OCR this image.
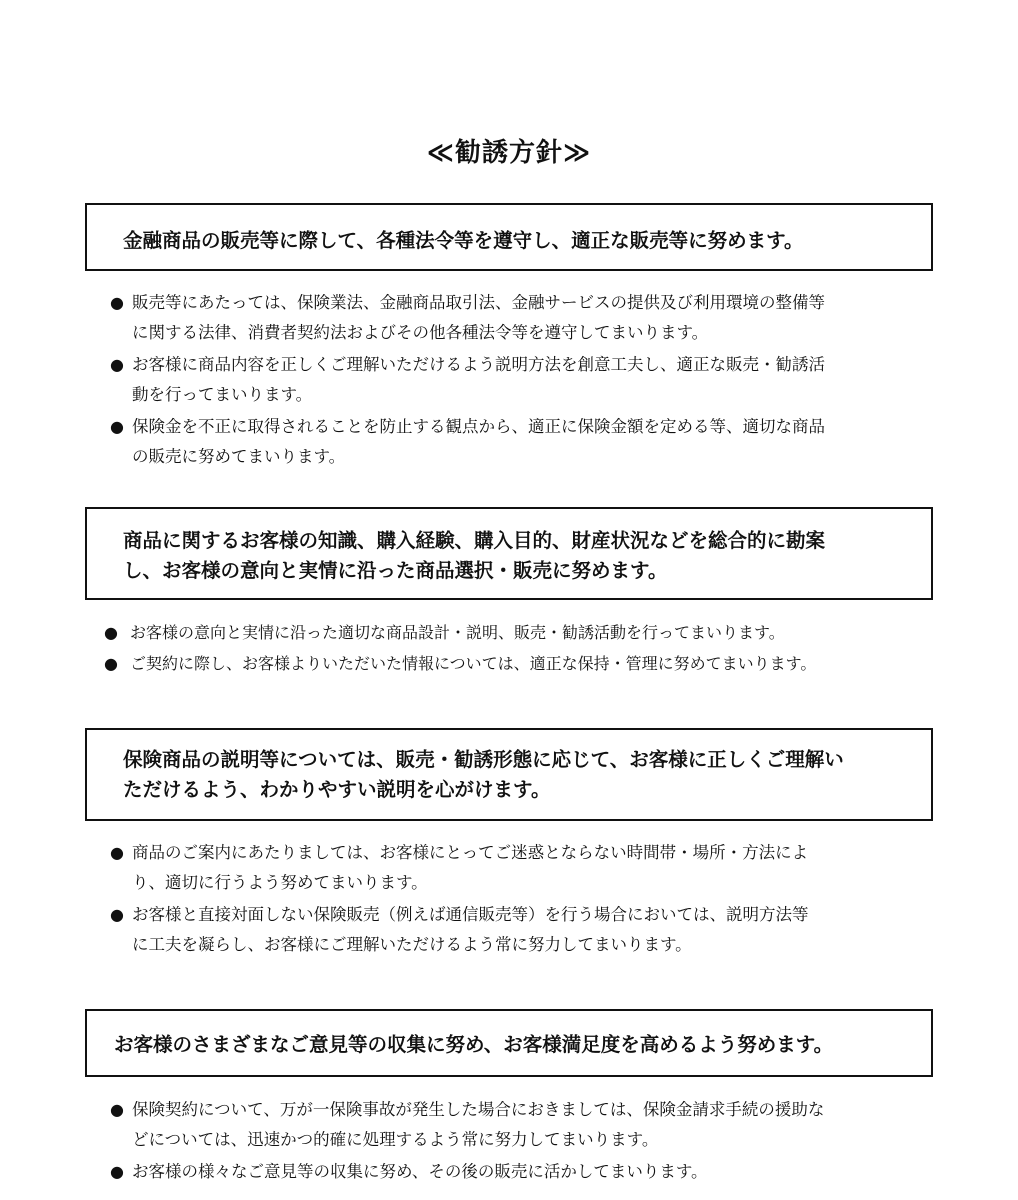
≪勧誘方針≫
金融商品の販売等に際して、各種法令等を遵守し、適正な販売等に努めます。
● 販売等にあたっては、保険業法、金融商品取引法、金融サービスの提供及び利用環境の整備等
に関する法律、消費者契約法およびその他各種法令等を遵守してまいります。
● お客様に商品内容を正しくご理解いただけるよう説明方法を創意工夫し、適正な販売・勧誘活
動を行ってまいります。
● 保険金を不正に取得されることを防止する観点から、適正に保険金額を定める等、適切な商品
の販売に努めてまいります。
商品に関するお客様の知識、購入経験、購入目的、財産状況などを総合的に勘案
し、お客様の意向と実情に沿った商品選択・販売に努めます。
● お客様の意向と実情に沿った適切な商品設計・説明、販売・勧誘活動を行ってまいります。
● ご契約に際し、お客様よりいただいた情報については、適正な保持・管理に努めてまいります。
保険商品の説明等については、販売・勧誘形態に応じて、お客様に正しくご理解い
ただけるよう、わかりやすい説明を心がけます。
● 商品のご案内にあたりましては、お客様にとってご迷惑とならない時間帯・場所・方法によ
り、適切に行うよう努めてまいります。
● お客様と直接対面しない保険販売（例えば通信販売等）を行う場合においては、説明方法等
に工夫を凝らし、お客様にご理解いただけるよう常に努力してまいります。
お客様のさまざまなご意見等の収集に努め、お客様満足度を高めるよう努めます。
● 保険契約について、万が一保険事故が発生した場合におきましては、保険金請求手続の援助な
どについては、迅速かつ的確に処理するよう常に努力してまいります。
● お客様の様々なご意見等の収集に努め、その後の販売に活かしてまいります。
